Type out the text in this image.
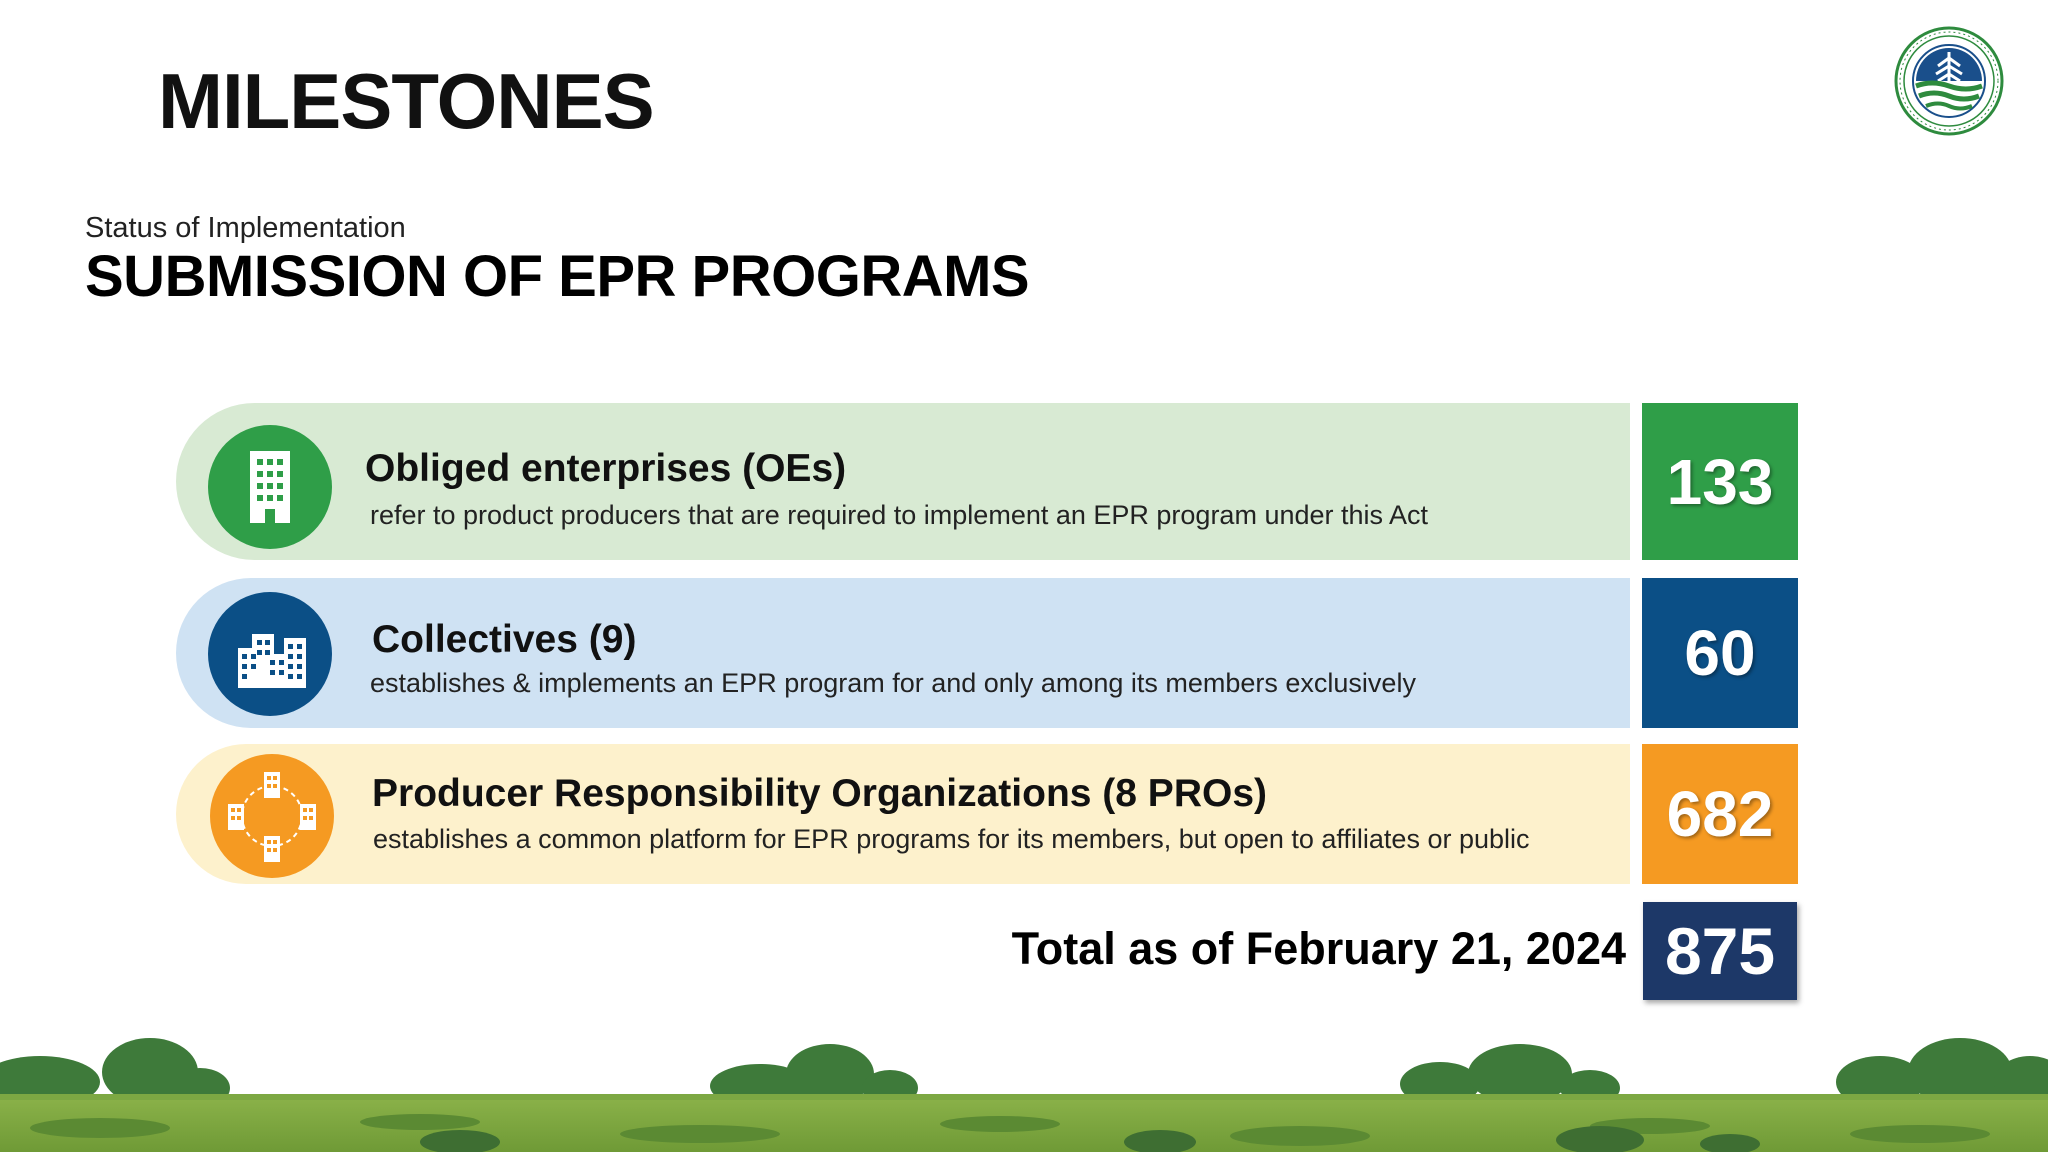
MILESTONES
Status of Implementation
SUBMISSION OF EPR PROGRAMS
Obliged enterprises (OEs)
refer to product producers that are required to implement an EPR program under this Act	133
Collectives (9)
establishes & implements an EPR program for and only among its members exclusively	60
Producer Responsibility Organizations (8 PROs)
establishes a common platform for EPR programs for its members, but open to affiliates or public	682
Total as of February 21, 2024 875
